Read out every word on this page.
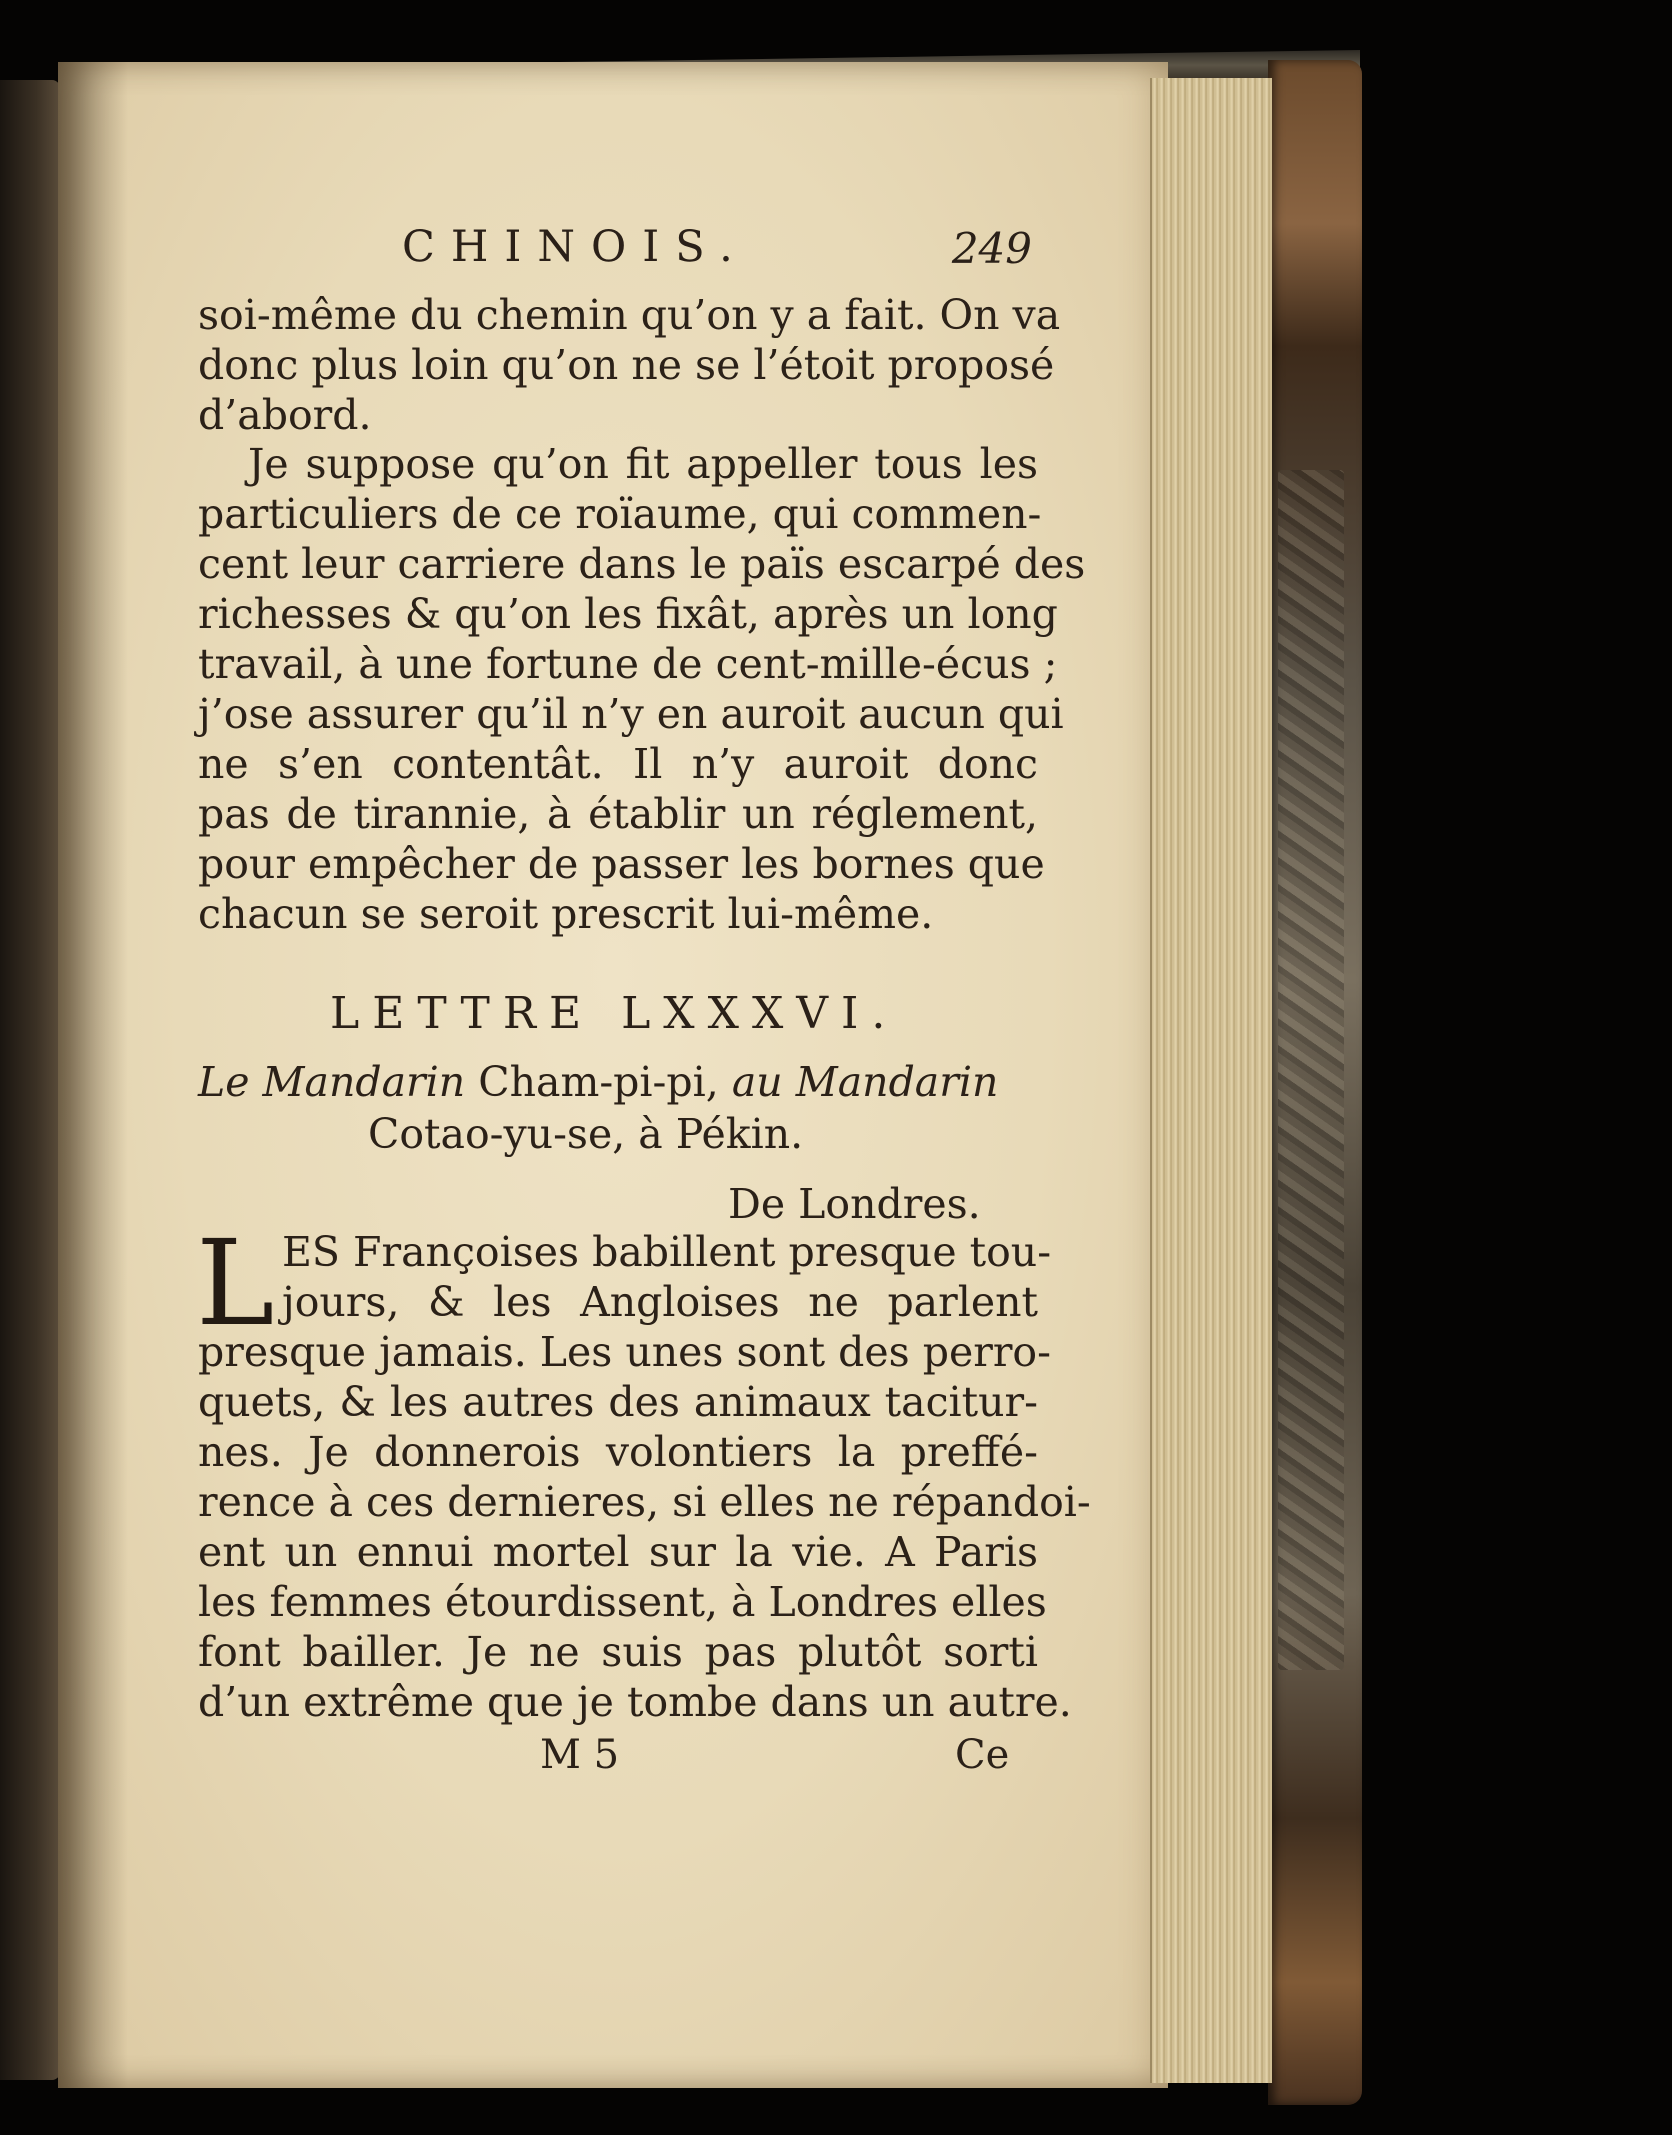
CHINOIS.	249
soi-même du chemin qu’on y a fait. On va
donc plus loin qu’on ne se l’étoit proposé
d’abord.
Je suppose qu’on fit appeller tous les
particuliers de ce roïaume, qui commen-
cent leur carriere dans le païs escarpé des
richesses & qu’on les fixât, après un long
travail, à une fortune de cent-mille-écus ;
j’ose assurer qu’il n’y en auroit aucun qui
ne s’en contentât. Il n’y auroit donc
pas de tirannie, à établir un réglement,
pour empêcher de passer les bornes que
chacun se seroit prescrit lui-même.
LETTRE LXXXVI.
Le Mandarin Cham-pi-pi, au Mandarin
Cotao-yu-se, à Pékin.
De Londres.
L ES Françoises babillent presque tou-
jours, & les Angloises ne parlent
presque jamais. Les unes sont des perro-
quets, & les autres des animaux tacitur-
nes. Je donnerois volontiers la preffé-
rence à ces dernieres, si elles ne répandoi-
ent un ennui mortel sur la vie. A Paris
les femmes étourdissent, à Londres elles
font bailler. Je ne suis pas plutôt sorti
d’un extrême que je tombe dans un autre.
M 5	Ce
